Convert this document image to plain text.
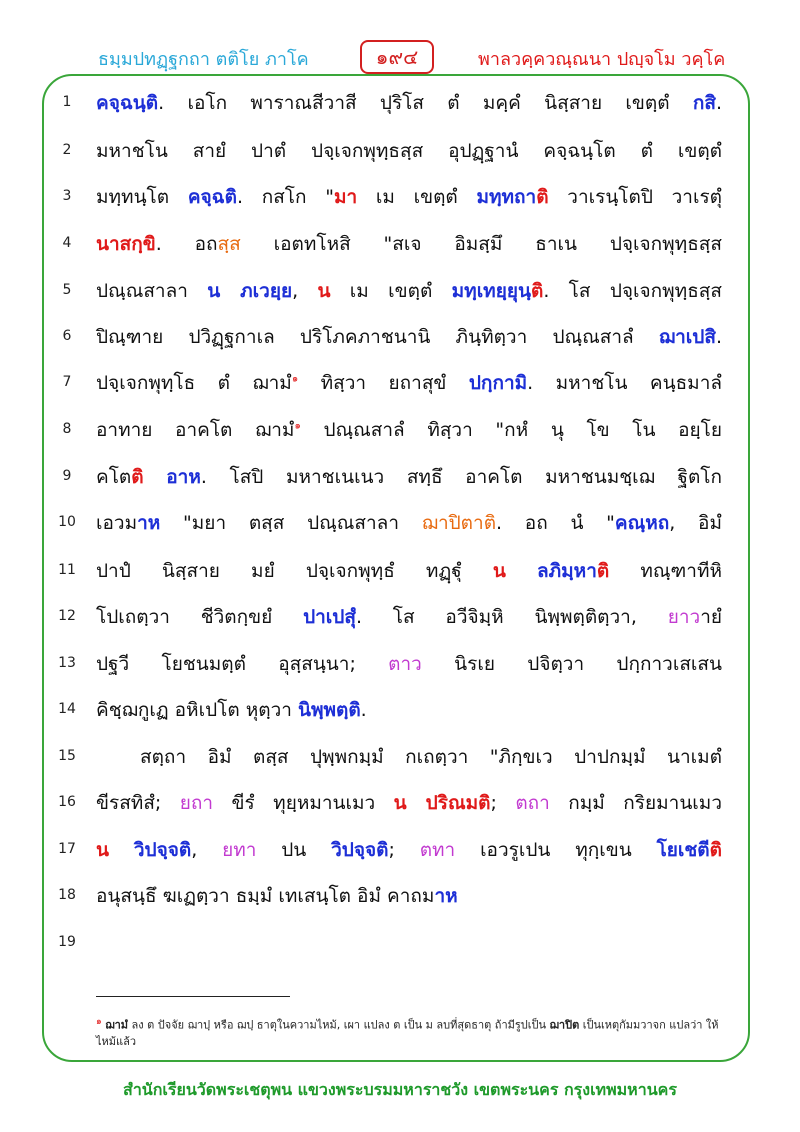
ธมฺมปทฏฺฐกถา ตติโย ภาโค	๑๙๔	พาลวคฺควณฺณนา ปญฺจโม วคฺโค
1
2
3
4
5
6
7
8
9
10
11
12
13
14
15
16
17
18
19
คจฺฉนฺติ. เอโก พาราณสีวาสี ปุริโส ตํ มคฺคํ นิสฺสาย เขตฺตํ กสิ.
มหาชโน สายํ ปาตํ ปจฺเจกพุทฺธสฺส อุปฏฺฐานํ คจฺฉนฺโต ตํ เขตฺตํ
มทฺทนฺโต คจฺฉติ. กสโก "มา เม เขตฺตํ มทฺทถาติ วาเรนฺโตปิ วาเรตุํ
นาสกฺขิ. อถสฺส เอตทโหสิ "สเจ อิมสฺมึ ธาเน ปจฺเจกพุทฺธสฺส
ปณฺณสาลา น ภเวยฺย, น เม เขตฺตํ มทฺเทยฺยุนฺติ. โส ปจฺเจกพุทฺธสฺส
ปิณฺฑาย ปวิฏฺฐกาเล ปริโภคภาชนานิ ภินฺทิตฺวา ปณฺณสาลํ ฌาเปสิ.
ปจฺเจกพุทฺโธ ตํ ฌามํ$^๑$ ทิสฺวา ยถาสุขํ ปกฺกามิ. มหาชโน คนฺธมาลํ
อาทาย อาคโต ฌามํ$^๑$ ปณฺณสาลํ ทิสฺวา "กหํ นุ โข โน อยฺโย
คโตติ อาห. โสปิ มหาชเนเนว สทฺธึ อาคโต มหาชนมชฺเฌ ฐิตโก
เอวมาห "มยา ตสฺส ปณฺณสาลา ฌาปิตาติ. อถ นํ "คณฺหถ, อิมํ
ปาปํ นิสฺสาย มยํ ปจฺเจกพุทฺธํ ทฏฺฐุํ น ลภิมฺหาติ ทณฺฑาทีหิ
โปเถตฺวา ชีวิตกฺขยํ ปาเปสุํ. โส อวีจิมฺหิ นิพฺพตฺติตฺวา, ยาวายํ
ปฐวี โยชนมตฺตํ อุสฺสนฺนา; ตาว นิรเย ปจิตฺวา ปกฺกาวเสเสน
คิชฺฌกูเฏ อหิเปโต หุตฺวา นิพฺพตฺติ.
สตฺถา อิมํ ตสฺส ปุพฺพกมฺมํ กเถตฺวา "ภิกฺขเว ปาปกมฺมํ นาเมตํ
ขีรสทิสํ; ยถา ขีรํ ทุยฺหมานเมว น ปริณมติ; ตถา กมฺมํ กริยมานเมว
น วิปจฺจติ, ยทา ปน วิปจฺจติ; ตทา เอวรูเปน ทุกฺเขน โยเชตีติ
อนุสนฺธึ ฆเฏตฺวา ธมฺมํ เทเสนฺโต อิมํ คาถมาห
$^๑$ ฌามํ ลง ต ปัจจัย ฌาปฺ หรือ ฌปฺ ธาตุในความไหม้, เผา แปลง ต เป็น ม ลบที่สุดธาตุ ถ้ามีรูปเป็น ฌาปิต เป็นเหตุกัมมวาจก แปลว่า ให้ไหม้แล้ว
สำนักเรียนวัดพระเชตุพน แขวงพระบรมมหาราชวัง เขตพระนคร กรุงเทพมหานคร
